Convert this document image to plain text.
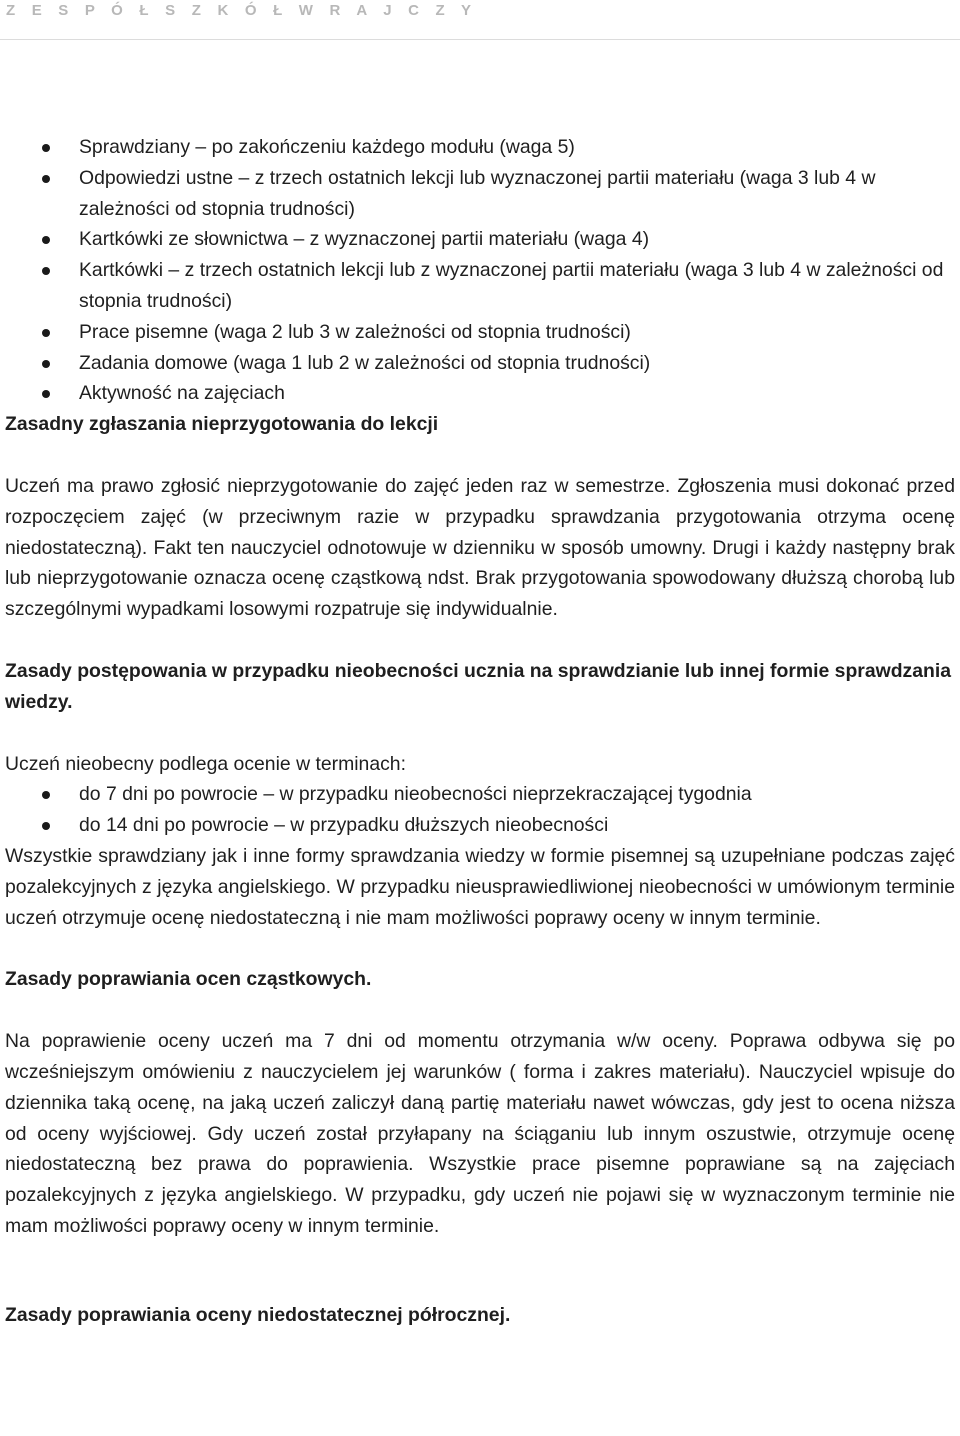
Z E S P Ó Ł S Z K Ó Ł W R A J C Z Y
Sprawdziany – po zakończeniu każdego modułu (waga 5)
Odpowiedzi ustne – z trzech ostatnich lekcji lub wyznaczonej partii materiału (waga 3 lub 4 w zależności od stopnia trudności)
Kartkówki ze słownictwa – z wyznaczonej partii materiału (waga 4)
Kartkówki – z trzech ostatnich lekcji lub z wyznaczonej partii materiału (waga 3 lub 4 w zależności od stopnia trudności)
Prace pisemne (waga 2 lub 3 w zależności od stopnia trudności)
Zadania domowe (waga 1 lub 2 w zależności od stopnia trudności)
Aktywność na zajęciach
Zasadny zgłaszania nieprzygotowania do lekcji

Uczeń ma prawo zgłosić nieprzygotowanie do zajęć jeden raz w semestrze. Zgłoszenia musi dokonać przed rozpoczęciem zajęć (w przeciwnym razie w przypadku sprawdzania przygotowania otrzyma ocenę niedostateczną). Fakt ten nauczyciel odnotowuje w dzienniku w sposób umowny. Drugi i każdy następny brak lub nieprzygotowanie oznacza ocenę cząstkową ndst. Brak przygotowania spowodowany dłuższą chorobą lub szczególnymi wypadkami losowymi rozpatruje się indywidualnie.

Zasady postępowania w przypadku nieobecności ucznia na sprawdzianie lub innej formie sprawdzania wiedzy.

Uczeń nieobecny podlega ocenie w terminach:

do 7 dni po powrocie – w przypadku nieobecności nieprzekraczającej tygodnia
do 14 dni po powrocie – w przypadku dłuższych nieobecności

Wszystkie sprawdziany jak i inne formy sprawdzania wiedzy w formie pisemnej są uzupełniane podczas zajęć pozalekcyjnych z języka angielskiego. W przypadku nieusprawiedliwionej nieobecności w umówionym terminie uczeń otrzymuje ocenę niedostateczną i nie mam możliwości poprawy oceny w innym terminie.

Zasady poprawiania ocen cząstkowych.

Na poprawienie oceny uczeń ma 7 dni od momentu otrzymania w/w oceny. Poprawa odbywa się po wcześniejszym omówieniu z nauczycielem jej warunków ( forma i zakres materiału). Nauczyciel wpisuje do dziennika taką ocenę, na jaką uczeń zaliczył daną partię materiału nawet wówczas, gdy jest to ocena niższa od oceny wyjściowej. Gdy uczeń został przyłapany na ściąganiu lub innym oszustwie, otrzymuje ocenę niedostateczną bez prawa do poprawienia. Wszystkie prace pisemne poprawiane są na zajęciach pozalekcyjnych z języka angielskiego. W przypadku, gdy uczeń nie pojawi się w wyznaczonym terminie nie mam możliwości poprawy oceny w innym terminie.

Zasady poprawiania oceny niedostatecznej półrocznej.
